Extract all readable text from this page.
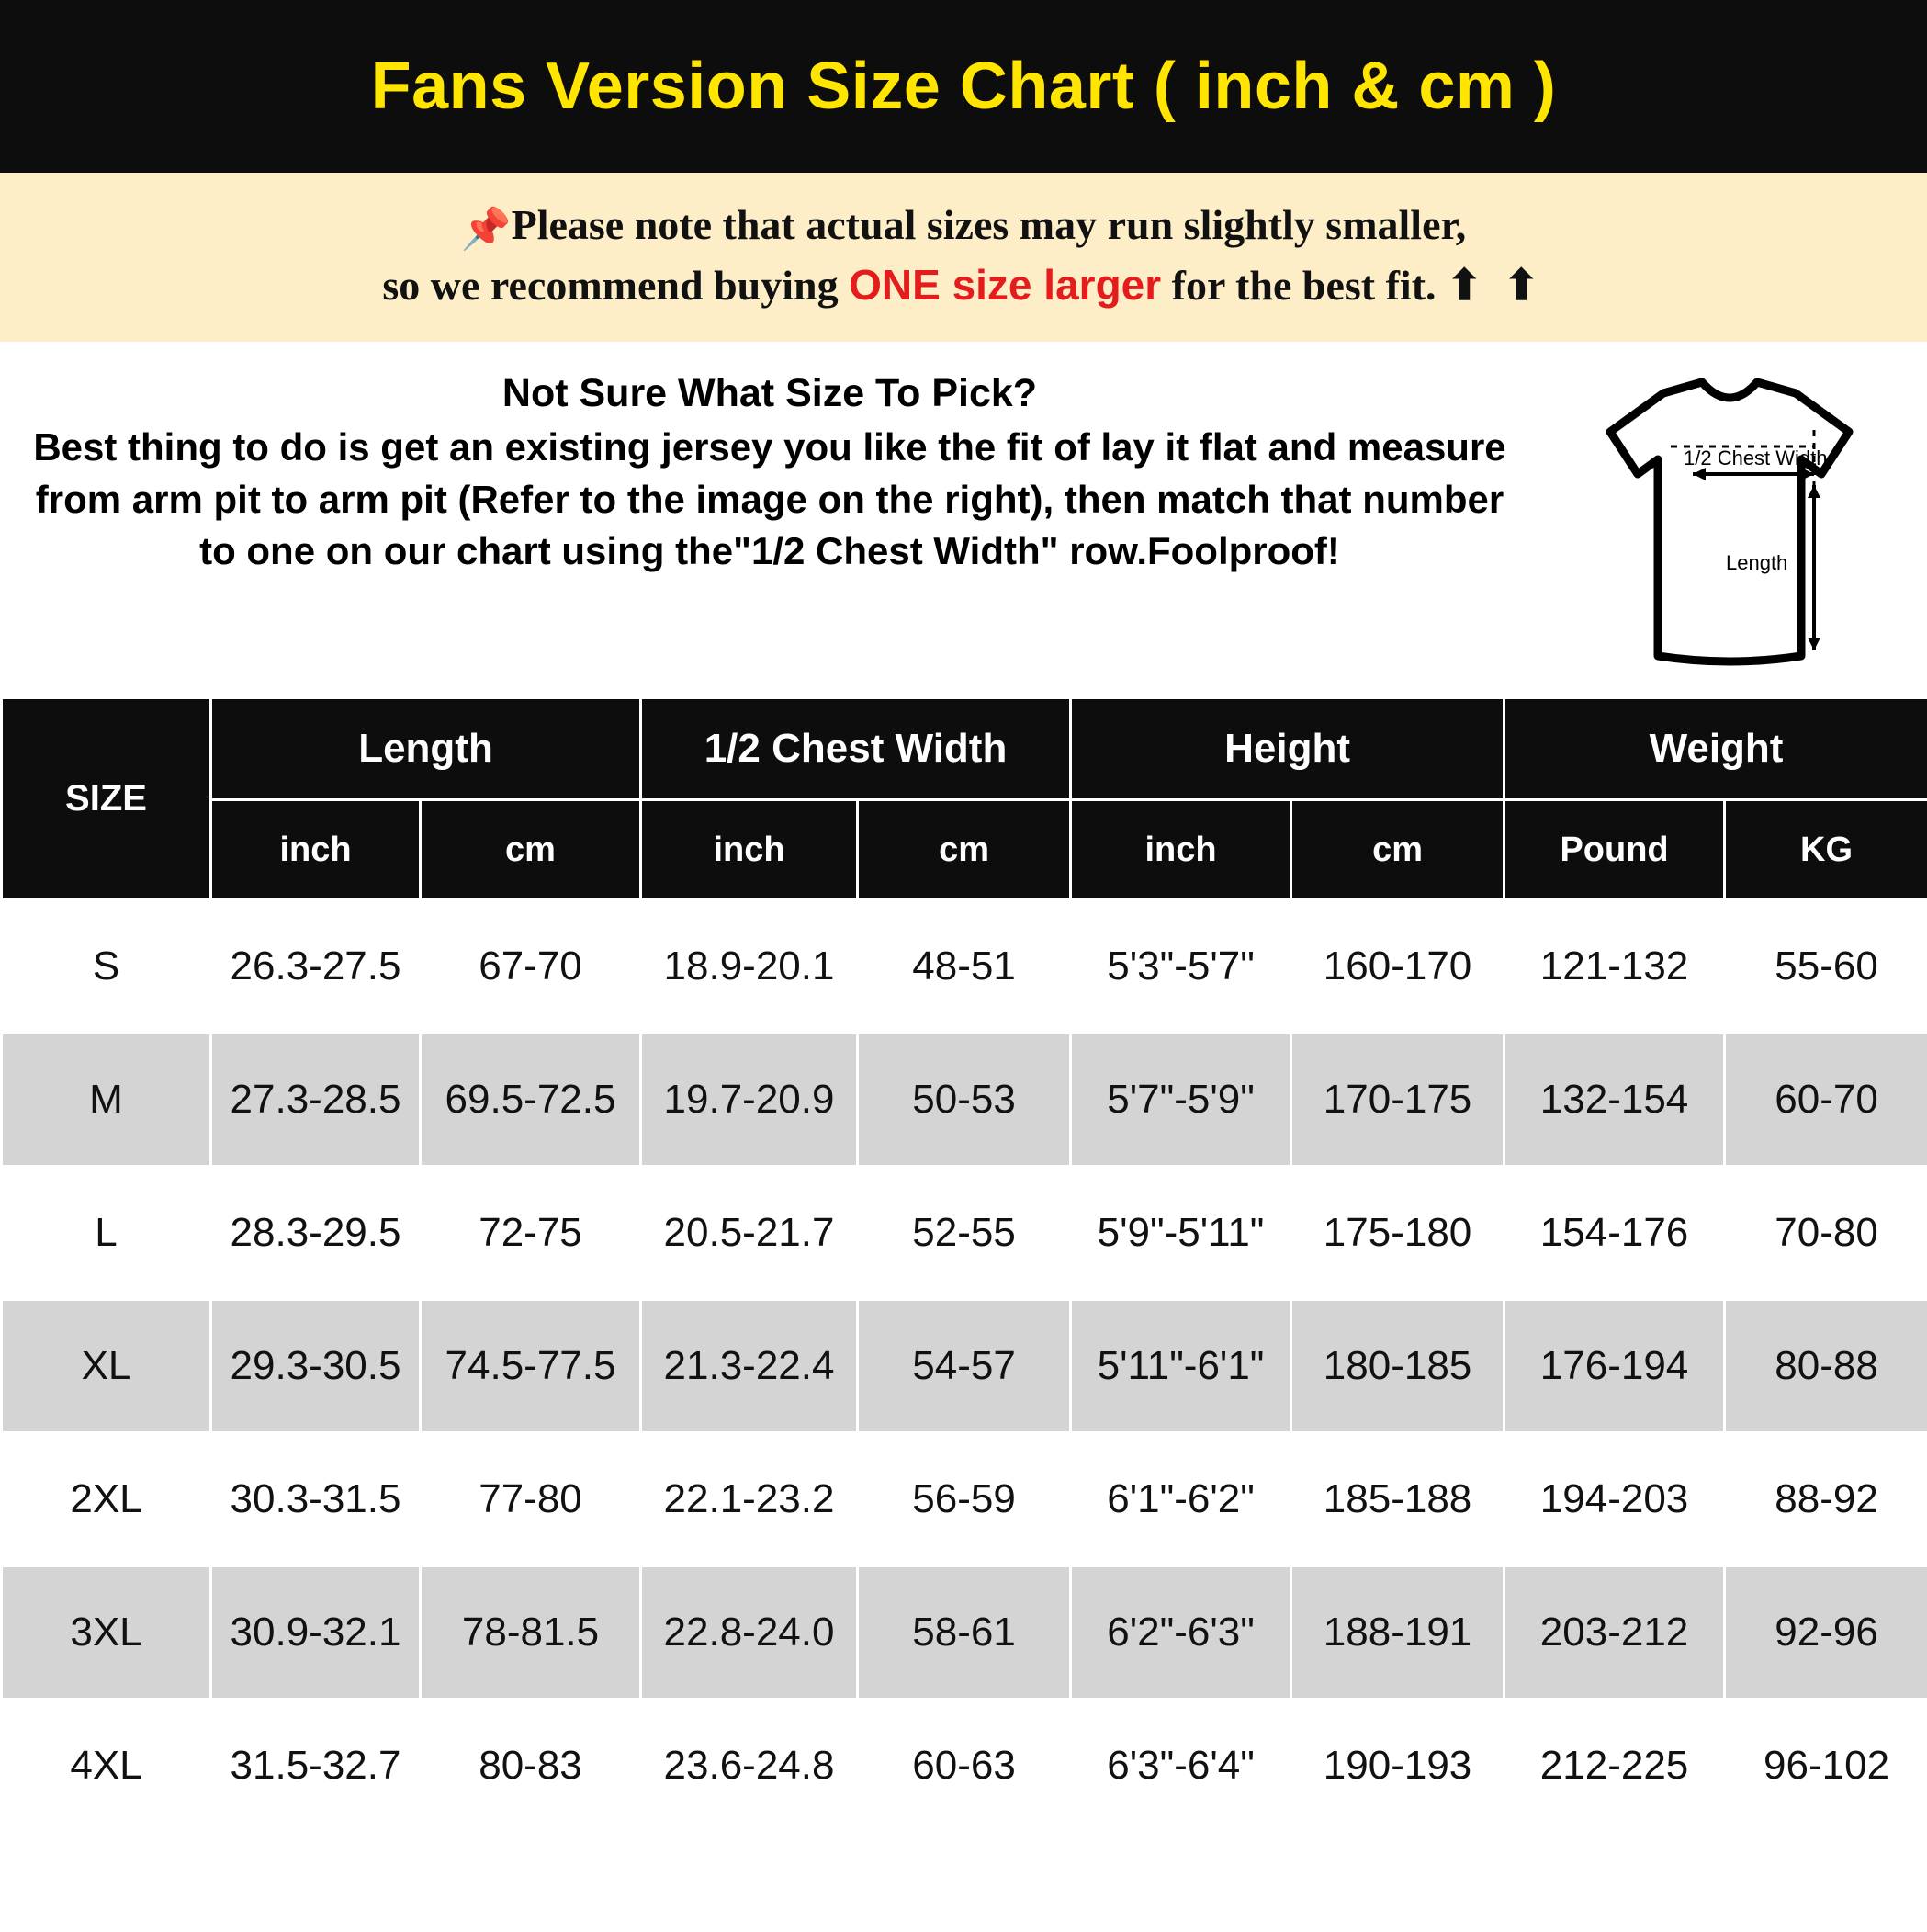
Fans Version Size Chart ( inch & cm )
📌Please note that actual sizes may run slightly smaller,
so we recommend buying ONE size larger for the best fit. ⬆ ⬆
Not Sure What Size To Pick?
Best thing to do is get an existing jersey you like the fit of lay it flat and measure from arm pit to arm pit (Refer to the image on the right), then match that number to one on our chart using the"1/2 Chest Width" row.Foolproof!
1/2 Chest Width
Length
SIZE	Length		1/2 Chest Width		Height		Weight	
	inch	cm	inch	cm	inch	cm	Pound	KG
S	26.3-27.5	67-70	18.9-20.1	48-51	5'3"-5'7"	160-170	121-132	55-60
M	27.3-28.5	69.5-72.5	19.7-20.9	50-53	5'7"-5'9"	170-175	132-154	60-70
L	28.3-29.5	72-75	20.5-21.7	52-55	5'9"-5'11"	175-180	154-176	70-80
XL	29.3-30.5	74.5-77.5	21.3-22.4	54-57	5'11"-6'1"	180-185	176-194	80-88
2XL	30.3-31.5	77-80	22.1-23.2	56-59	6'1"-6'2"	185-188	194-203	88-92
3XL	30.9-32.1	78-81.5	22.8-24.0	58-61	6'2"-6'3"	188-191	203-212	92-96
4XL	31.5-32.7	80-83	23.6-24.8	60-63	6'3"-6'4"	190-193	212-225	96-102
